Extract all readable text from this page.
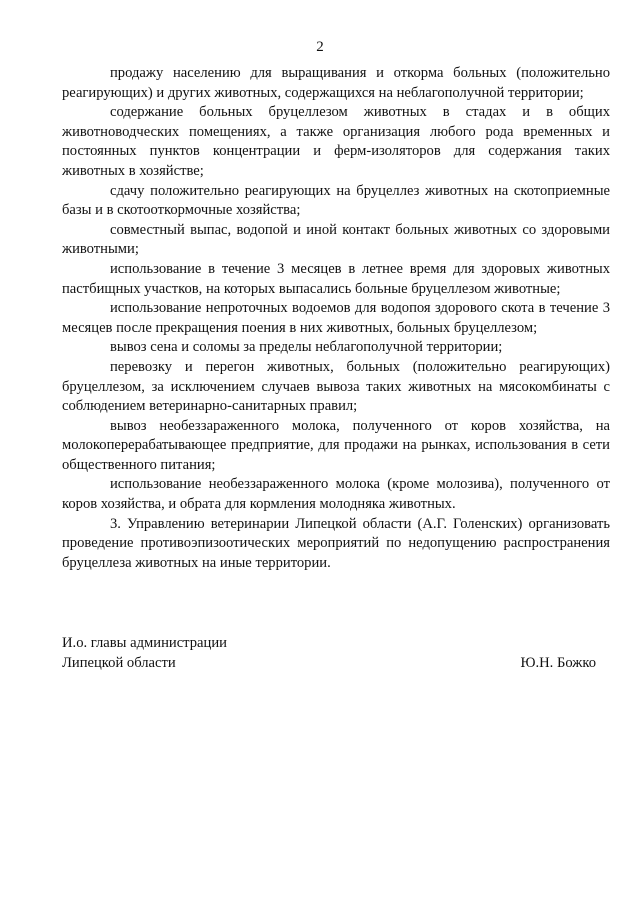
2

продажу населению для выращивания и откорма больных (положительно реагирующих) и других животных, содержащихся на неблагополучной территории;

содержание больных бруцеллезом животных в стадах и в общих животноводческих помещениях, а также организация любого рода временных и постоянных пунктов концентрации и ферм-изоляторов для содержания таких животных в хозяйстве;

сдачу положительно реагирующих на бруцеллез животных на скотоприемные базы и в скотооткормочные хозяйства;

совместный выпас, водопой и иной контакт больных животных со здоровыми животными;

использование в течение 3 месяцев в летнее время для здоровых животных пастбищных участков, на которых выпасались больные бруцеллезом животные;

использование непроточных водоемов для водопоя здорового скота в течение 3 месяцев после прекращения поения в них животных, больных бруцеллезом;

вывоз сена и соломы за пределы неблагополучной территории;

перевозку и перегон животных, больных (положительно реагирующих) бруцеллезом, за исключением случаев вывоза таких животных на мясокомбинаты с соблюдением ветеринарно-санитарных правил;

вывоз необеззараженного молока, полученного от коров хозяйства, на молокоперерабатывающее предприятие, для продажи на рынках, использования в сети общественного питания;

использование необеззараженного молока (кроме молозива), полученного от коров хозяйства, и обрата для кормления молодняка животных.

3. Управлению ветеринарии Липецкой области (А.Г. Голенских) организовать проведение противоэпизоотических мероприятий по недопущению распространения бруцеллеза животных на иные территории.

И.о. главы администрации
Липецкой области	Ю.Н. Божко
